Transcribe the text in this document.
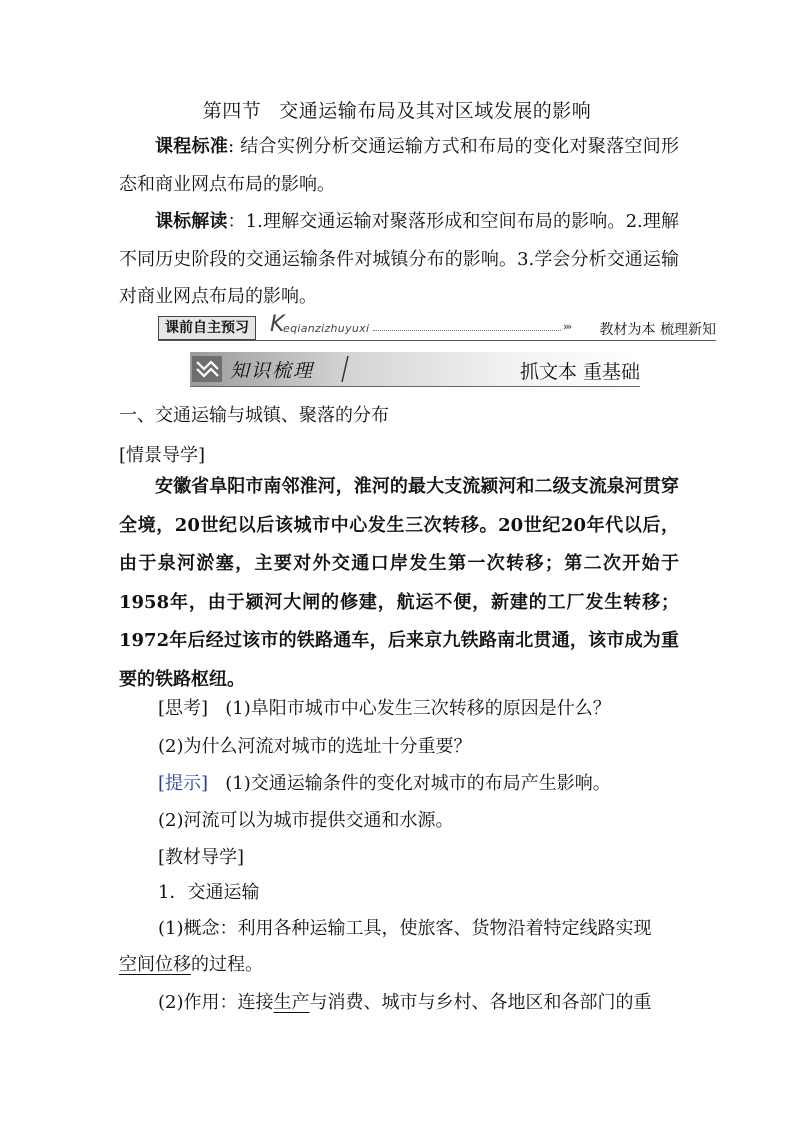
第四节 交通运输布局及其对区域发展的影响
课程标准: 结合实例分析交通运输方式和布局的变化对聚落空间形态和商业网点布局的影响。
课标解读：1.理解交通运输对聚落形成和空间布局的影响。2.理解不同历史阶段的交通运输条件对城镇分布的影响。3.学会分析交通运输对商业网点布局的影响。
课前自主预习 K
eqianzizhuyuxi	››› 教材为本 梳理新知
知识梳理	抓文本 重基础
一、交通运输与城镇、聚落的分布
[情景导学]
安徽省阜阳市南邻淮河，淮河的最大支流颍河和二级支流泉河贯穿全境，20世纪以后该城市中心发生三次转移。20世纪20年代以后，由于泉河淤塞，主要对外交通口岸发生第一次转移；第二次开始于1958年，由于颍河大闸的修建，航运不便，新建的工厂发生转移；1972年后经过该市的铁路通车，后来京九铁路南北贯通，该市成为重要的铁路枢纽。
[思考] (1)阜阳市城市中心发生三次转移的原因是什么？
(2)为什么河流对城市的选址十分重要？
[提示] (1)交通运输条件的变化对城市的布局产生影响。
(2)河流可以为城市提供交通和水源。
[教材导学]
1．交通运输
(1)概念：利用各种运输工具，使旅客、货物沿着特定线路实现
空间位移的过程。
(2)作用：连接生产与消费、城市与乡村、各地区和各部门的重
